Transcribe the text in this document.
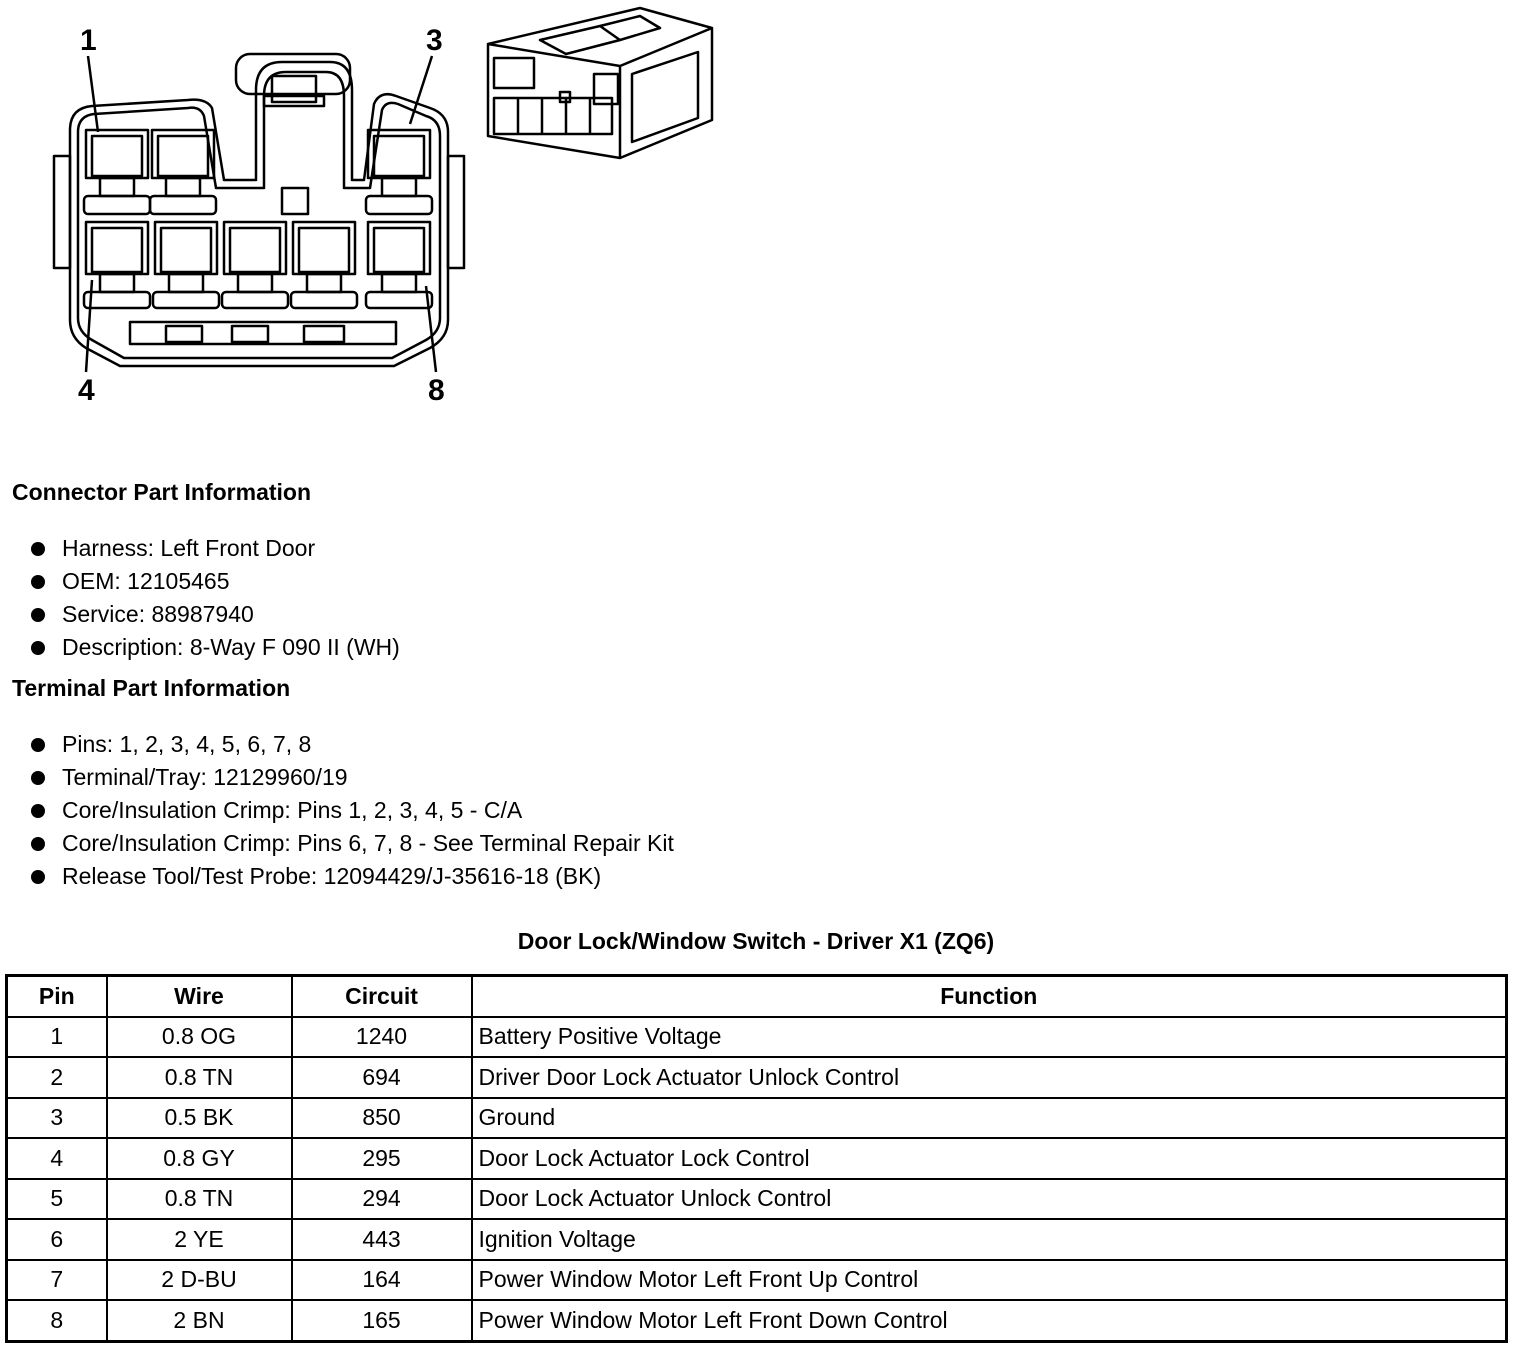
1	3
4	8
Connector Part Information
Harness: Left Front Door
OEM: 12105465
Service: 88987940
Description: 8-Way F 090 II (WH)
Terminal Part Information
Pins: 1, 2, 3, 4, 5, 6, 7, 8
Terminal/Tray: 12129960/19
Core/Insulation Crimp: Pins 1, 2, 3, 4, 5 - C/A
Core/Insulation Crimp: Pins 6, 7, 8 - See Terminal Repair Kit
Release Tool/Test Probe: 12094429/J-35616-18 (BK)
Door Lock/Window Switch - Driver X1 (ZQ6)
Pin	Wire	Circuit	Function
1	0.8 OG	1240	Battery Positive Voltage
2	0.8 TN	694	Driver Door Lock Actuator Unlock Control
3	0.5 BK	850	Ground
4	0.8 GY	295	Door Lock Actuator Lock Control
5	0.8 TN	294	Door Lock Actuator Unlock Control
6	2 YE	443	Ignition Voltage
7	2 D-BU	164	Power Window Motor Left Front Up Control
8	2 BN	165	Power Window Motor Left Front Down Control
